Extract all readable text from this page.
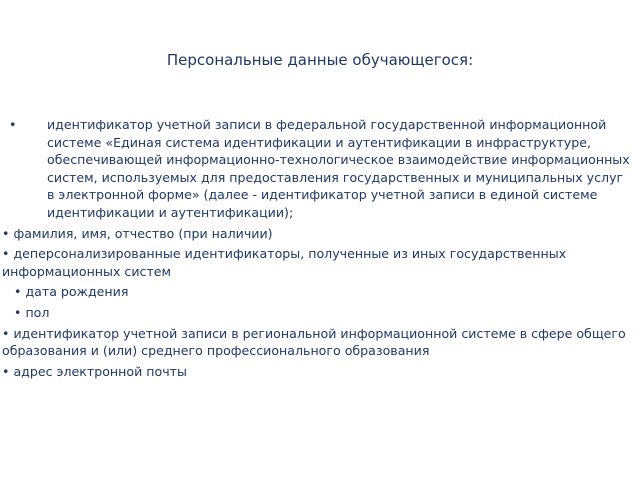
Персональные данные обучающегося:

• идентификатор учетной записи в федеральной государственной информационной системе «Единая система идентификации и аутентификации в инфраструктуре, обеспечивающей информационно-технологическое взаимодействие информационных систем, используемых для предоставления государственных и муниципальных услуг в электронной форме» (далее - идентификатор учетной записи в единой системе идентификации и аутентификации);

• фамилия, имя, отчество (при наличии)
• деперсонализированные идентификаторы, полученные из иных государственных информационных систем
• дата рождения
• пол
• идентификатор учетной записи в региональной информационной системе в сфере общего образования и (или) среднего профессионального образования
• адрес электронной почты
